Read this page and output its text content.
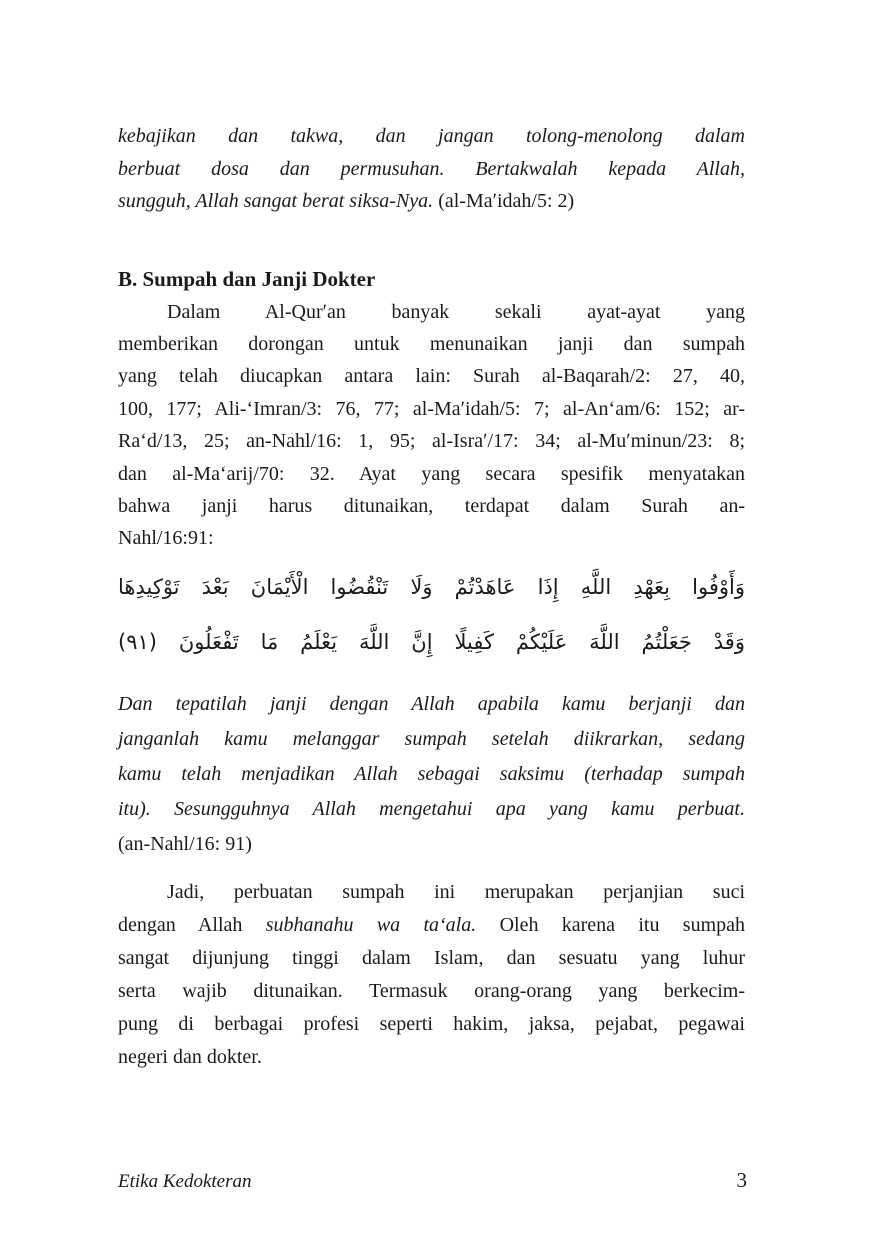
kebajikan dan takwa, dan jangan tolong-menolong dalam
berbuat dosa dan permusuhan. Bertakwalah kepada Allah,
sungguh, Allah sangat berat siksa-Nya. (al-Maʹidah/5: 2)
B. Sumpah dan Janji Dokter
Dalam Al-Qurʹan banyak sekali ayat-ayat yang
memberikan dorongan untuk menunaikan janji dan sumpah
yang telah diucapkan antara lain: Surah al-Baqarah/2: 27, 40,
100, 177; Ali-‘Imran/3: 76, 77; al-Maʹidah/5: 7; al-An‘am/6: 152; ar-
Ra‘d/13, 25; an-Nahl/16: 1, 95; al-Israʹ/17: 34; al-Muʹminun/23: 8;
dan al-Ma‘arij/70: 32. Ayat yang secara spesifik menyatakan
bahwa janji harus ditunaikan, terdapat dalam Surah an-
Nahl/16:91:
وَأَوْفُوا بِعَهْدِ اللَّهِ إِذَا عَاهَدْتُمْ وَلَا تَنْقُضُوا الْأَيْمَانَ بَعْدَ تَوْكِيدِهَا
وَقَدْ جَعَلْتُمُ اللَّهَ عَلَيْكُمْ كَفِيلًا إِنَّ اللَّهَ يَعْلَمُ مَا تَفْعَلُونَ (٩١)
Dan tepatilah janji dengan Allah apabila kamu berjanji dan
janganlah kamu melanggar sumpah setelah diikrarkan, sedang
kamu telah menjadikan Allah sebagai saksimu (terhadap sumpah
itu). Sesungguhnya Allah mengetahui apa yang kamu perbuat.
(an-Nahl/16: 91)
Jadi, perbuatan sumpah ini merupakan perjanjian suci
dengan Allah subhanahu wa ta‘ala. Oleh karena itu sumpah
sangat dijunjung tinggi dalam Islam, dan sesuatu yang luhur
serta wajib ditunaikan. Termasuk orang-orang yang berkecim-
pung di berbagai profesi seperti hakim, jaksa, pejabat, pegawai
negeri dan dokter.
Etika Kedokteran	3
